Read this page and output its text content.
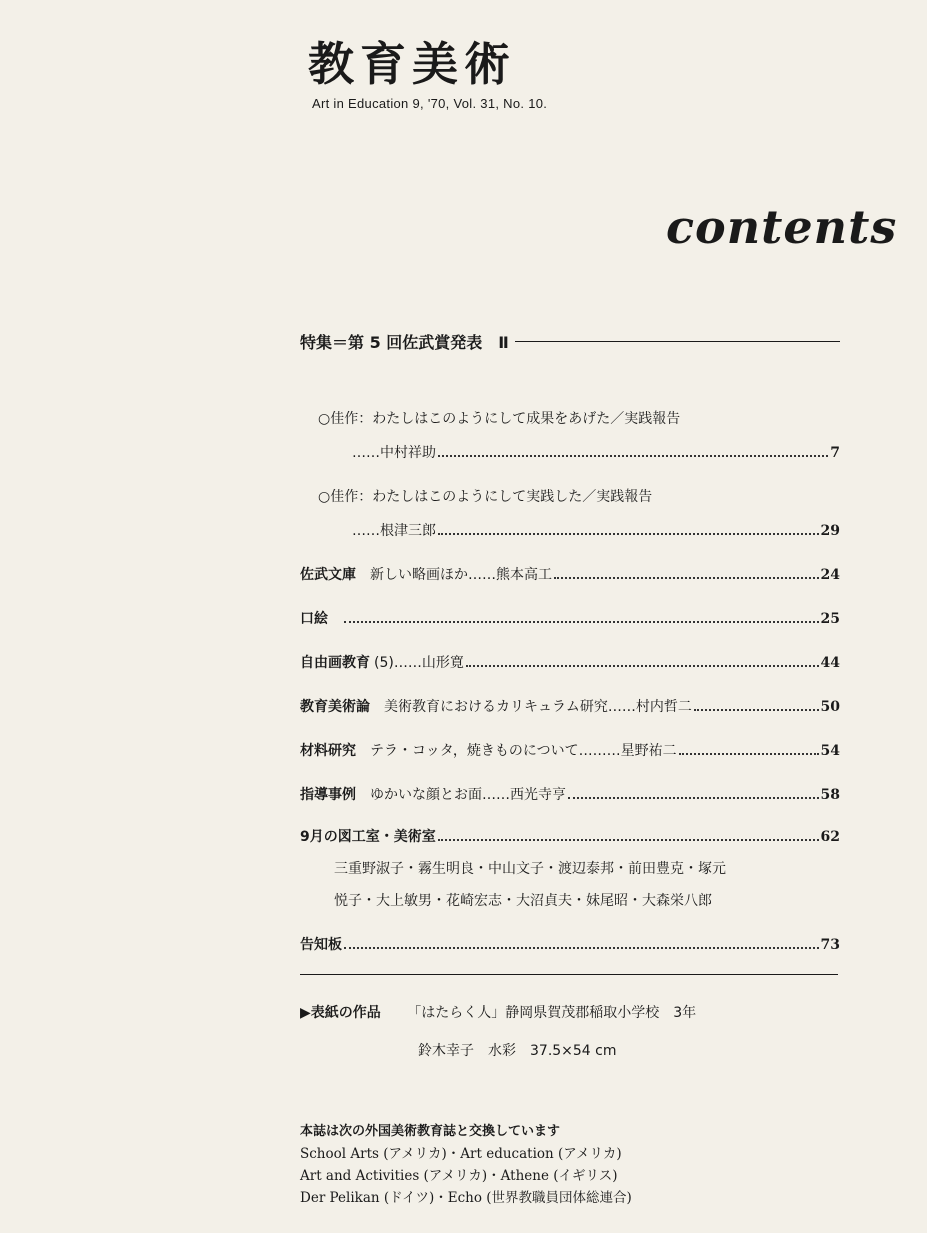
教育美術
Art in Education 9, '70, Vol. 31, No. 10.
contents
特集＝第 5 回佐武賞発表　Ⅱ
○佳作：わたしはこのようにして成果をあげた／実践報告
……中村祥助	7
○佳作：わたしはこのようにして実践した／実践報告
……根津三郎	29
佐武文庫 新しい略画ほか……熊本高工	24
口絵	25
自由画教育 (5)……山形寛	44
教育美術論 美術教育におけるカリキュラム研究……村内哲二	50
材料研究 テラ・コッタ，焼きものについて………星野祐二	54
指導事例 ゆかいな顔とお面……西光寺亨	58
9月の図工室・美術室	62
三重野淑子・霧生明良・中山文子・渡辺泰邦・前田豊克・塚元
悦子・大上敏男・花崎宏志・大沼貞夫・妹尾昭・大森栄八郎
告知板	73
▶表紙の作品 「はたらく人」静岡県賀茂郡稲取小学校　3年
鈴木幸子　水彩　37.5×54 cm
本誌は次の外国美術教育誌と交換しています
School Arts (アメリカ)・Art education (アメリカ)
Art and Activities (アメリカ)・Athene (イギリス)
Der Pelikan (ドイツ)・Echo (世界教職員団体総連合)
